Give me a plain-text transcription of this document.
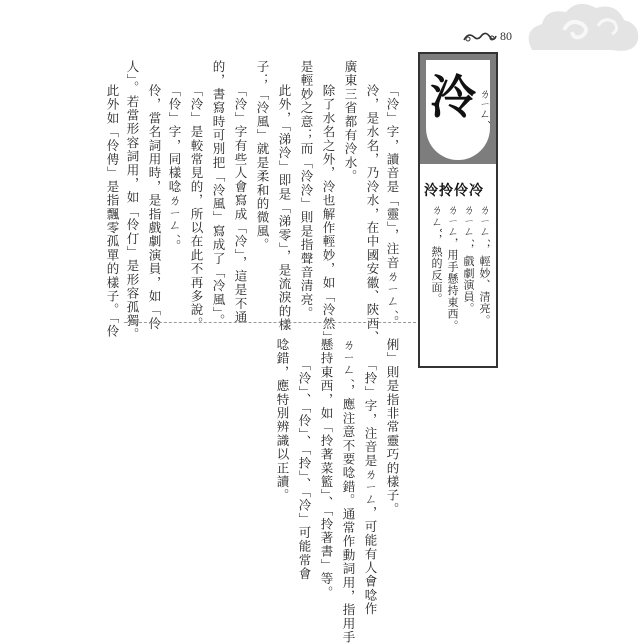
80
泠 ㄌㄧㄥˊ
泠拎伶冷
ㄌㄧㄥˊ，輕妙、清亮。
ㄌㄧㄥˊ，戲劇演員。
ㄌㄧㄥ，用手懸持東西。
ㄌㄥˇ，熱的反面。
「泠」字，讀音是「靈」，注音ㄌㄧㄥˊ。
泠，是水名，乃泠水，在中國安徽、陝西、
廣東三省都有泠水。
除了水名之外，泠也解作輕妙，如「泠然」
是輕妙之意；而「泠泠」則是指聲音清亮。
此外，「涕泠」即是「涕零」，是流淚的樣
子；「泠風」就是柔和的微風。
「泠」字有些人會寫成「冷」，這是不通
的，書寫時可別把「泠風」寫成了「冷風」。
「泠」是較常見的，所以在此不再多說。
「伶」字，同樣唸ㄌㄧㄥˊ。
伶，當名詞用時，是指戲劇演員，如「伶
人」。若當形容詞用，如「伶仃」是形容孤獨。
此外如「伶俜」是指飄零孤單的樣子。「伶
俐」則是指非常靈巧的樣子。
「拎」字，注音是ㄌㄧㄥ，可能有人會唸作
ㄌㄧㄥˊ，應注意不要唸錯。通常作動詞用，指用手
懸持東西，如「拎著菜籃」、「拎著書」等。
「泠」、「伶」、「拎」、「冷」可能常會
唸錯，應特別辨識以正讀。
